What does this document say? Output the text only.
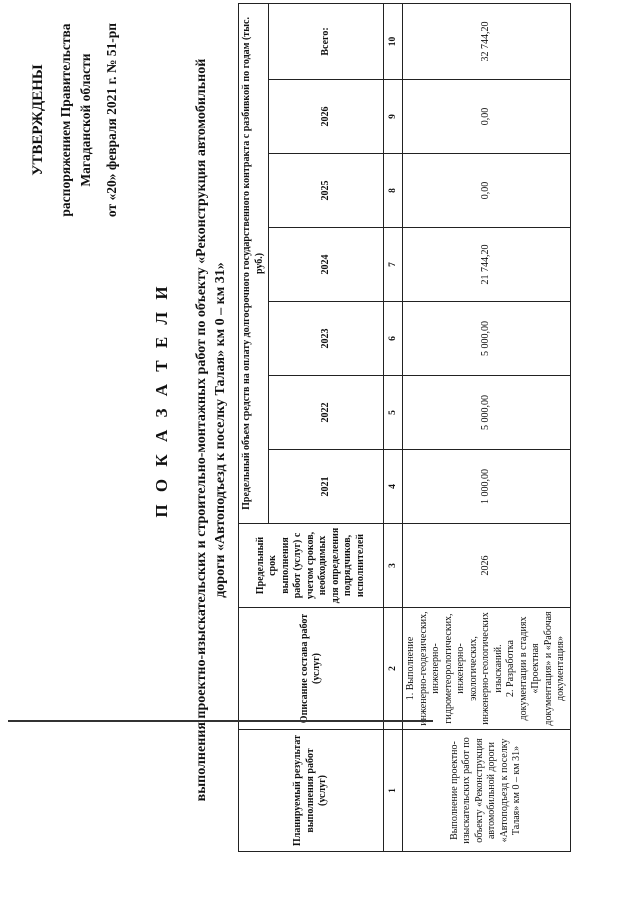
УТВЕРЖДЕНЫ распоряжением Правительства Магаданской области от «20» февраля 2021 г. № 51-рп
П О К А З А Т Е Л И выполнения проектно-изыскательских и строительно-монтажных работ по объекту «Реконструкция автомобильной дороги «Автоподъезд к поселку Талая» км 0 – км 31»
Планируемый результат выполнения работ (услуг)	Описание состава работ (услуг)	Предельный срок выполнения работ (услуг) с учетом сроков, необходимых для определения подрядчиков, исполнителей	Предельный объем средств на оплату долгосрочного государственного контракта с разбивкой по годам (тыс. руб.)						
			2021	2022	2023	2024	2025	2026	Всего:
1	2	3	4	5	6	7	8	9	10
Выполнение проектно-изыскательских работ по объекту «Реконструкция автомобильной дороги «Автоподъезд к поселку Талая» км 0 – км 31»	1. Выполнение инженерно-геодезических, инженерно-гидрометеорологических, инженерно-экологических, инженерно-геологических изысканий. 2. Разработка документации в стадиях «Проектная документация» и «Рабочая документация»	2026	1 000,00	5 000,00	5 000,00	21 744,20	0,00	0,00	32 744,20
